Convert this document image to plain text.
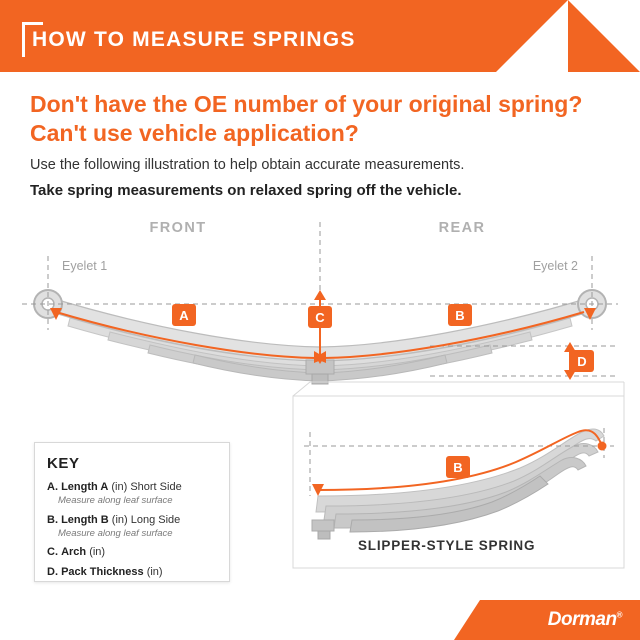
HOW TO MEASURE SPRINGS
Don't have the OE number of your original spring? Can't use vehicle application?
Use the following illustration to help obtain accurate measurements.
Take spring measurements on relaxed spring off the vehicle.
FRONT	REAR
Eyelet 1	Eyelet 2
A	B
C
D
B
SLIPPER-STYLE SPRING
KEY
A. Length A (in) Short Side
Measure along leaf surface
B. Length B (in) Long Side
Measure along leaf surface
C. Arch (in)
D. Pack Thickness (in)
Dorman®
